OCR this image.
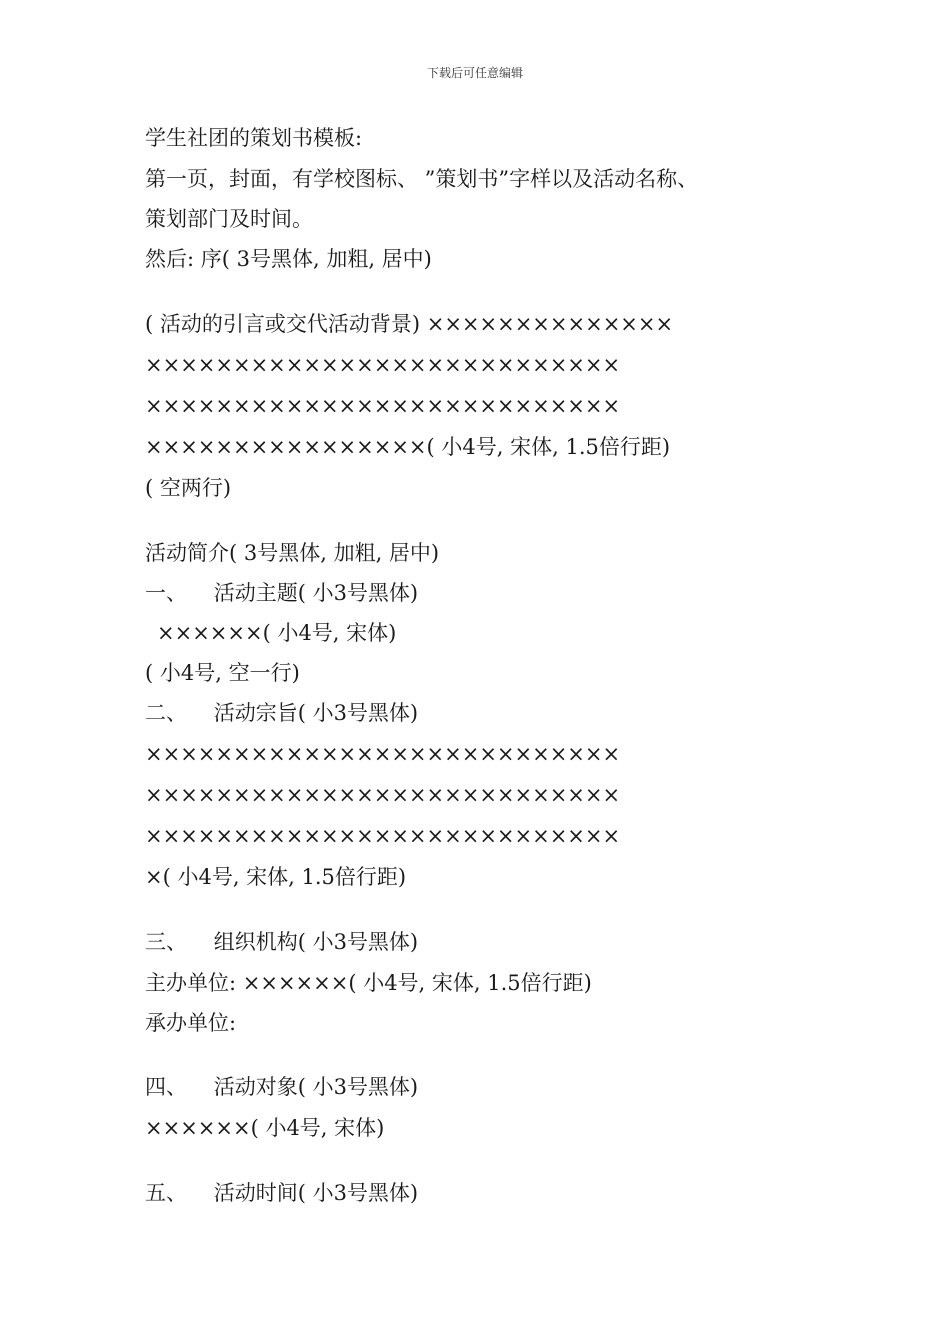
下载后可任意编辑
学生社团的策划书模板:
第一页，封面，有学校图标、 ”策划书”字样以及活动名称、
策划部门及时间。
然后: 序( 3号黑体, 加粗, 居中)
( 活动的引言或交代活动背景) ××××××××××××××
×××××××××××××××××××××××××××
×××××××××××××××××××××××××××
××××××××××××××××( 小4号, 宋体, 1.5倍行距)
( 空两行)
活动简介( 3号黑体, 加粗, 居中)
一、    活动主题( 小3号黑体)
××××××( 小4号, 宋体)
( 小4号, 空一行)
二、    活动宗旨( 小3号黑体)
×××××××××××××××××××××××××××
×××××××××××××××××××××××××××
×××××××××××××××××××××××××××
×( 小4号, 宋体, 1.5倍行距)
三、    组织机构( 小3号黑体)
主办单位: ××××××( 小4号, 宋体, 1.5倍行距)
承办单位:
四、    活动对象( 小3号黑体)
××××××( 小4号, 宋体)
五、    活动时间( 小3号黑体)
